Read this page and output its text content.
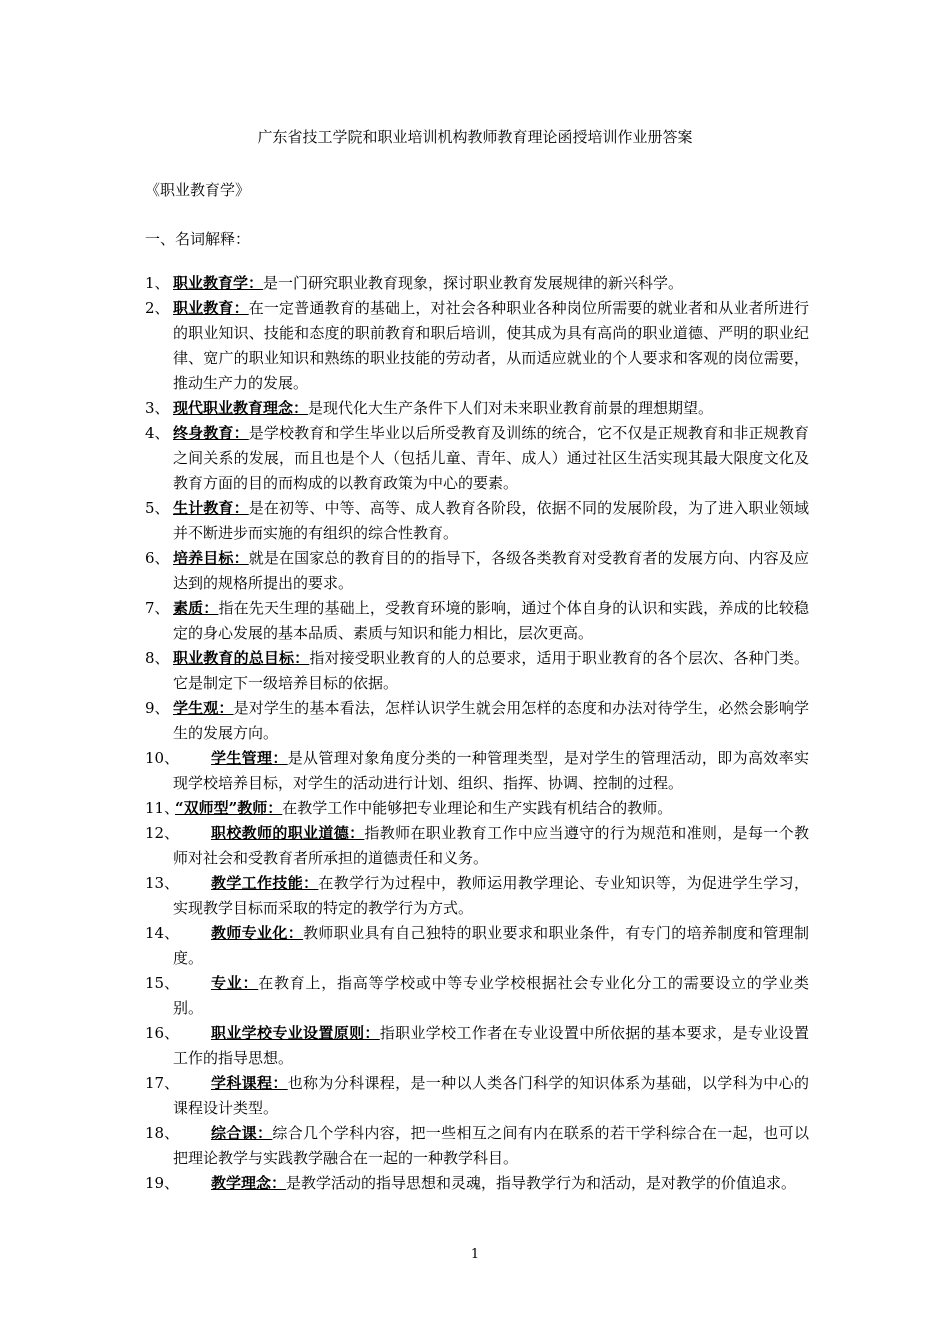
广东省技工学院和职业培训机构教师教育理论函授培训作业册答案
《职业教育学》
一、名词解释：
1、 职业教育学：是一门研究职业教育现象，探讨职业教育发展规律的新兴科学。
2、 职业教育：在一定普通教育的基础上，对社会各种职业各种岗位所需要的就业者和从业者所进行的职业知识、技能和态度的职前教育和职后培训，使其成为具有高尚的职业道德、严明的职业纪律、宽广的职业知识和熟练的职业技能的劳动者，从而适应就业的个人要求和客观的岗位需要，推动生产力的发展。
3、 现代职业教育理念：是现代化大生产条件下人们对未来职业教育前景的理想期望。
4、 终身教育：是学校教育和学生毕业以后所受教育及训练的统合，它不仅是正规教育和非正规教育之间关系的发展，而且也是个人（包括儿童、青年、成人）通过社区生活实现其最大限度文化及教育方面的目的而构成的以教育政策为中心的要素。
5、 生计教育：是在初等、中等、高等、成人教育各阶段，依据不同的发展阶段，为了进入职业领域并不断进步而实施的有组织的综合性教育。
6、 培养目标：就是在国家总的教育目的的指导下，各级各类教育对受教育者的发展方向、内容及应达到的规格所提出的要求。
7、 素质：指在先天生理的基础上，受教育环境的影响，通过个体自身的认识和实践，养成的比较稳定的身心发展的基本品质、素质与知识和能力相比，层次更高。
8、 职业教育的总目标：指对接受职业教育的人的总要求，适用于职业教育的各个层次、各种门类。它是制定下一级培养目标的依据。
9、 学生观：是对学生的基本看法，怎样认识学生就会用怎样的态度和办法对待学生，必然会影响学生的发展方向。
10、	学生管理：是从管理对象角度分类的一种管理类型，是对学生的管理活动，即为高效率实现学校培养目标，对学生的活动进行计划、组织、指挥、协调、控制的过程。
11、
“双师型”教师：在教学工作中能够把专业理论和生产实践有机结合的教师。
12、	职校教师的职业道德：指教师在职业教育工作中应当遵守的行为规范和准则，是每一个教师对社会和受教育者所承担的道德责任和义务。
13、	教学工作技能：在教学行为过程中，教师运用教学理论、专业知识等，为促进学生学习，实现教学目标而采取的特定的教学行为方式。
14、	教师专业化：教师职业具有自己独特的职业要求和职业条件，有专门的培养制度和管理制度。
15、	专业：在教育上，指高等学校或中等专业学校根据社会专业化分工的需要设立的学业类别。
16、	职业学校专业设置原则：指职业学校工作者在专业设置中所依据的基本要求，是专业设置工作的指导思想。
17、	学科课程：也称为分科课程，是一种以人类各门科学的知识体系为基础，以学科为中心的课程设计类型。
18、	综合课：综合几个学科内容，把一些相互之间有内在联系的若干学科综合在一起，也可以把理论教学与实践教学融合在一起的一种教学科目。
19、	教学理念：是教学活动的指导思想和灵魂，指导教学行为和活动，是对教学的价值追求。
1
